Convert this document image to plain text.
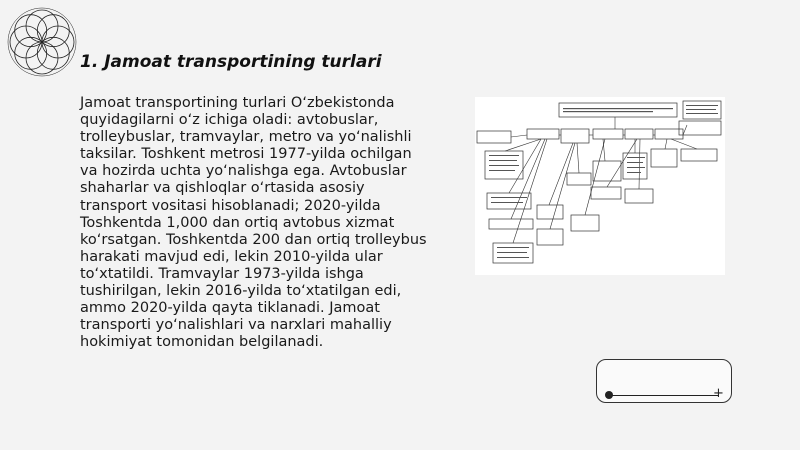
1. Jamoat transportining turlari

Jamoat transportining turlari O‘zbekistonda quyidagilarni o‘z ichiga oladi: avtobuslar, trolleybuslar, tramvaylar, metro va yo‘nalishli taksilar. Toshkent metrosi 1977-yilda ochilgan va hozirda uchta yo‘nalishga ega. Avtobuslar shaharlar va qishloqlar o‘rtasida asosiy transport vositasi hisoblanadi; 2020-yilda Toshkentda 1,000 dan ortiq avtobus xizmat ko‘rsatgan. Toshkentda 200 dan ortiq trolleybus harakati mavjud edi, lekin 2010-yilda ular to‘xtatildi. Tramvaylar 1973-yilda ishga tushirilgan, lekin 2016-yilda to‘xtatilgan edi, ammo 2020-yilda qayta tiklanadi. Jamoat transporti yo‘nalishlari va narxlari mahalliy hokimiyat tomonidan belgilanadi.

+
